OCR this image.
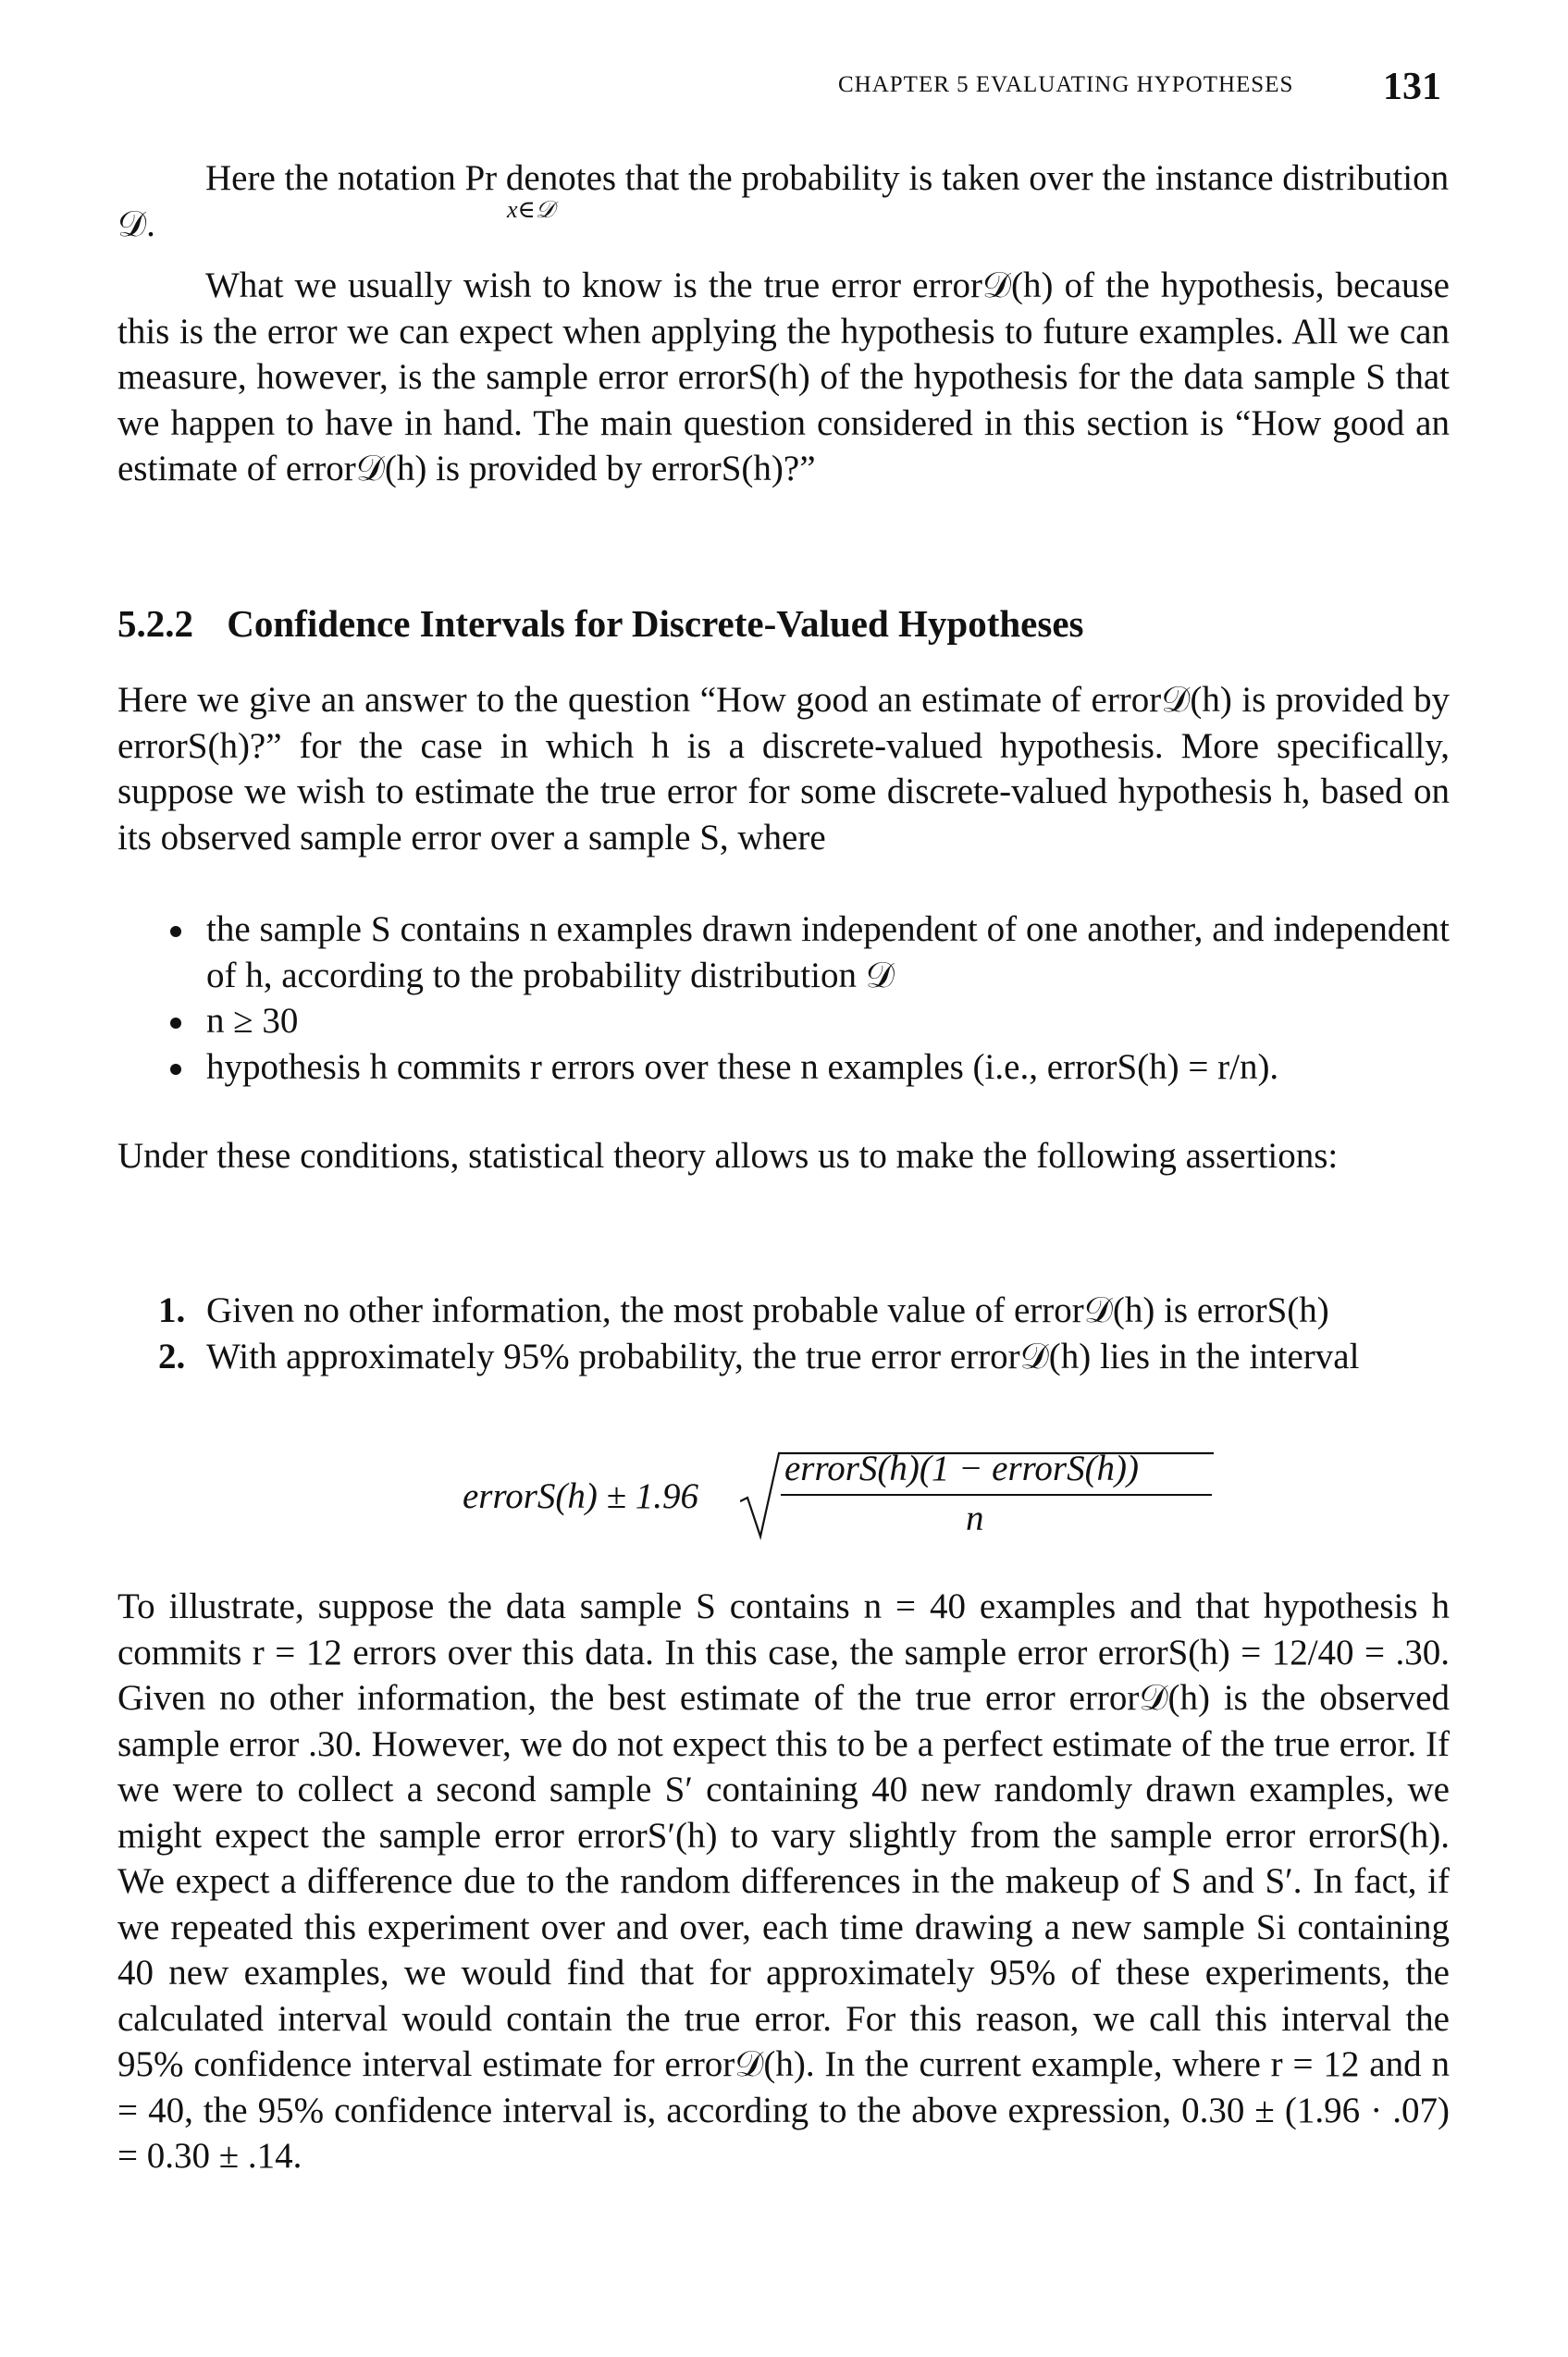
CHAPTER 5 EVALUATING HYPOTHESES 131

Here the notation Pr denotes that the probability is taken over the instance distribution 𝒟.	x∈𝒟

What we usually wish to know is the true error error𝒟(h) of the hypothesis, because this is the error we can expect when applying the hypothesis to future examples. All we can measure, however, is the sample error errorS(h) of the hypothesis for the data sample S that we happen to have in hand. The main question considered in this section is “How good an estimate of error𝒟(h) is provided by errorS(h)?”

5.2.2 Confidence Intervals for Discrete-Valued Hypotheses

Here we give an answer to the question “How good an estimate of error𝒟(h) is provided by errorS(h)?” for the case in which h is a discrete-valued hypothesis. More specifically, suppose we wish to estimate the true error for some discrete-valued hypothesis h, based on its observed sample error over a sample S, where

the sample S contains n examples drawn independent of one another, and independent of h, according to the probability distribution 𝒟
n ≥ 30
hypothesis h commits r errors over these n examples (i.e., errorS(h) = r/n).

Under these conditions, statistical theory allows us to make the following assertions:

1. Given no other information, the most probable value of error𝒟(h) is errorS(h)
2. With approximately 95% probability, the true error error𝒟(h) lies in the interval
errorS(h) ± 1.96
errorS(h)(1 − errorS(h))
n

To illustrate, suppose the data sample S contains n = 40 examples and that hypothesis h commits r = 12 errors over this data. In this case, the sample error errorS(h) = 12/40 = .30. Given no other information, the best estimate of the true error error𝒟(h) is the observed sample error .30. However, we do not expect this to be a perfect estimate of the true error. If we were to collect a second sample S′ containing 40 new randomly drawn examples, we might expect the sample error errorS′(h) to vary slightly from the sample error errorS(h). We expect a difference due to the random differences in the makeup of S and S′. In fact, if we repeated this experiment over and over, each time drawing a new sample Si containing 40 new examples, we would find that for approximately 95% of these experiments, the calculated interval would contain the true error. For this reason, we call this interval the 95% confidence interval estimate for error𝒟(h). In the current example, where r = 12 and n = 40, the 95% confidence interval is, according to the above expression, 0.30 ± (1.96 · .07) = 0.30 ± .14.
